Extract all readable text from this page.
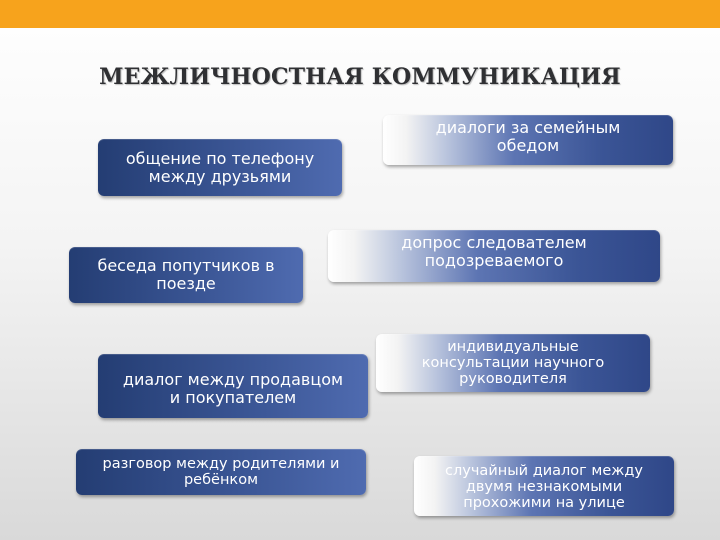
МЕЖЛИЧНОСТНАЯ КОММУНИКАЦИЯ
общение по телефону
между друзьями
беседа попутчиков в
поезде
диалог между продавцом
и покупателем
разговор между родителями и
ребёнком
диалоги за семейным
обедом
допрос следователем
подозреваемого
индивидуальные
консультации научного
руководителя
случайный диалог между
двумя незнакомыми
прохожими на улице
